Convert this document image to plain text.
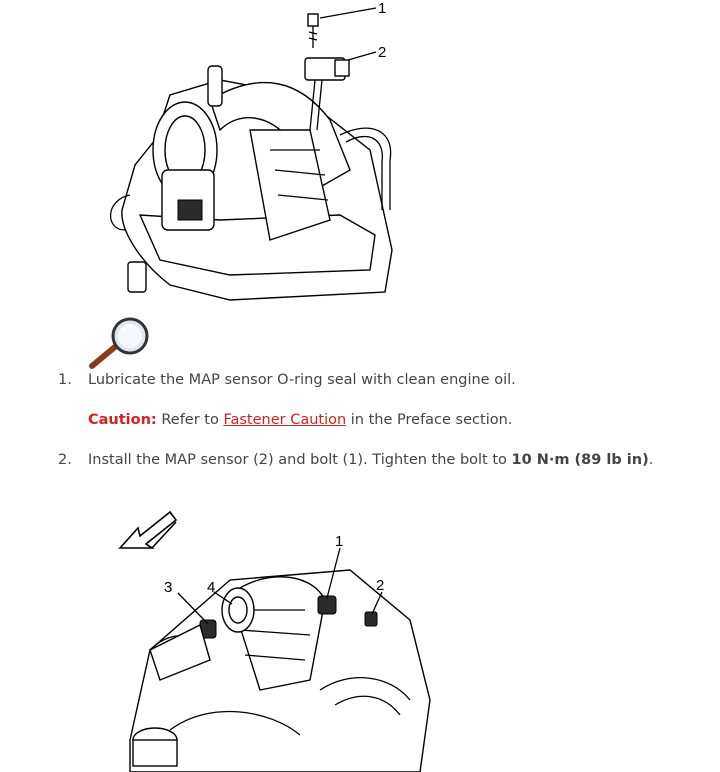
1
2
1. Lubricate the MAP sensor O-ring seal with clean engine oil.
Caution: Refer to Fastener Caution in the Preface section.
2. Install the MAP sensor (2) and bolt (1). Tighten the bolt to 10 N·m (89 lb in).
1
2
3 4
